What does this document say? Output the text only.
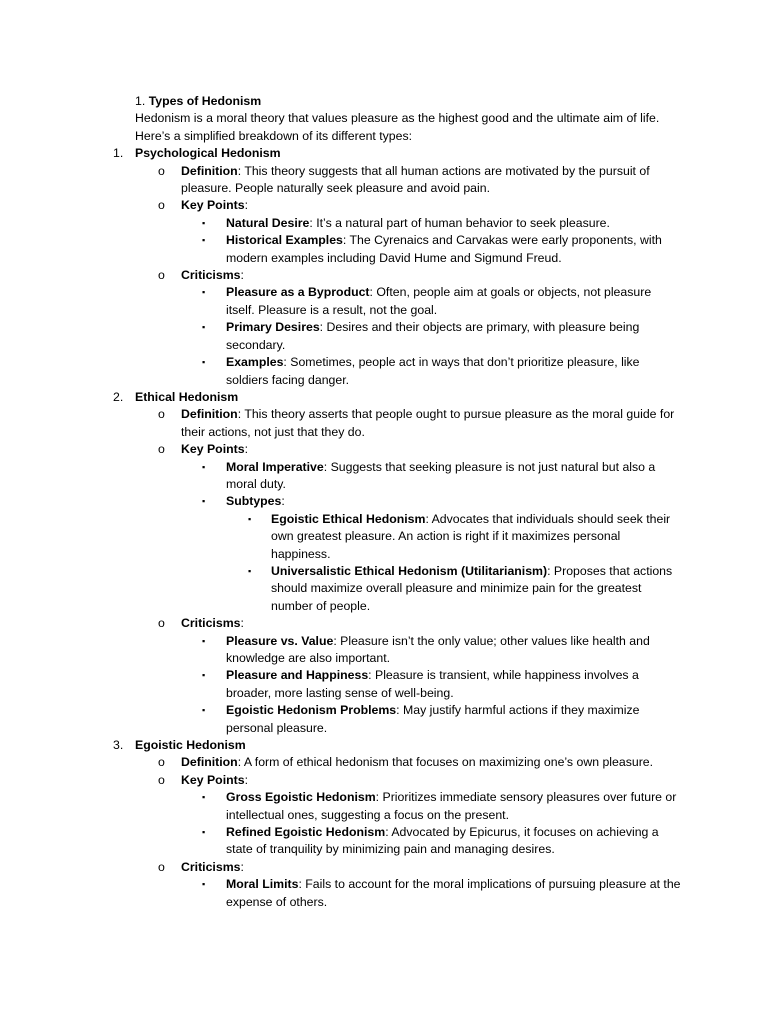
1. Types of Hedonism
Hedonism is a moral theory that values pleasure as the highest good and the ultimate aim of life. Here’s a simplified breakdown of its different types:
1. Psychological Hedonism
o Definition: This theory suggests that all human actions are motivated by the pursuit of pleasure. People naturally seek pleasure and avoid pain.
o Key Points:
▪ Natural Desire: It’s a natural part of human behavior to seek pleasure.
▪ Historical Examples: The Cyrenaics and Carvakas were early proponents, with modern examples including David Hume and Sigmund Freud.
o Criticisms:
▪ Pleasure as a Byproduct: Often, people aim at goals or objects, not pleasure itself. Pleasure is a result, not the goal.
▪ Primary Desires: Desires and their objects are primary, with pleasure being secondary.
▪ Examples: Sometimes, people act in ways that don’t prioritize pleasure, like soldiers facing danger.
2. Ethical Hedonism
o Definition: This theory asserts that people ought to pursue pleasure as the moral guide for their actions, not just that they do.
o Key Points:
▪ Moral Imperative: Suggests that seeking pleasure is not just natural but also a moral duty.
▪ Subtypes:
▪ Egoistic Ethical Hedonism: Advocates that individuals should seek their own greatest pleasure. An action is right if it maximizes personal happiness.
▪ Universalistic Ethical Hedonism (Utilitarianism): Proposes that actions should maximize overall pleasure and minimize pain for the greatest number of people.
o Criticisms:
▪ Pleasure vs. Value: Pleasure isn’t the only value; other values like health and knowledge are also important.
▪ Pleasure and Happiness: Pleasure is transient, while happiness involves a broader, more lasting sense of well-being.
▪ Egoistic Hedonism Problems: May justify harmful actions if they maximize personal pleasure.
3. Egoistic Hedonism
o Definition: A form of ethical hedonism that focuses on maximizing one’s own pleasure.
o Key Points:
▪ Gross Egoistic Hedonism: Prioritizes immediate sensory pleasures over future or intellectual ones, suggesting a focus on the present.
▪ Refined Egoistic Hedonism: Advocated by Epicurus, it focuses on achieving a state of tranquility by minimizing pain and managing desires.
o Criticisms:
▪ Moral Limits: Fails to account for the moral implications of pursuing pleasure at the expense of others.
